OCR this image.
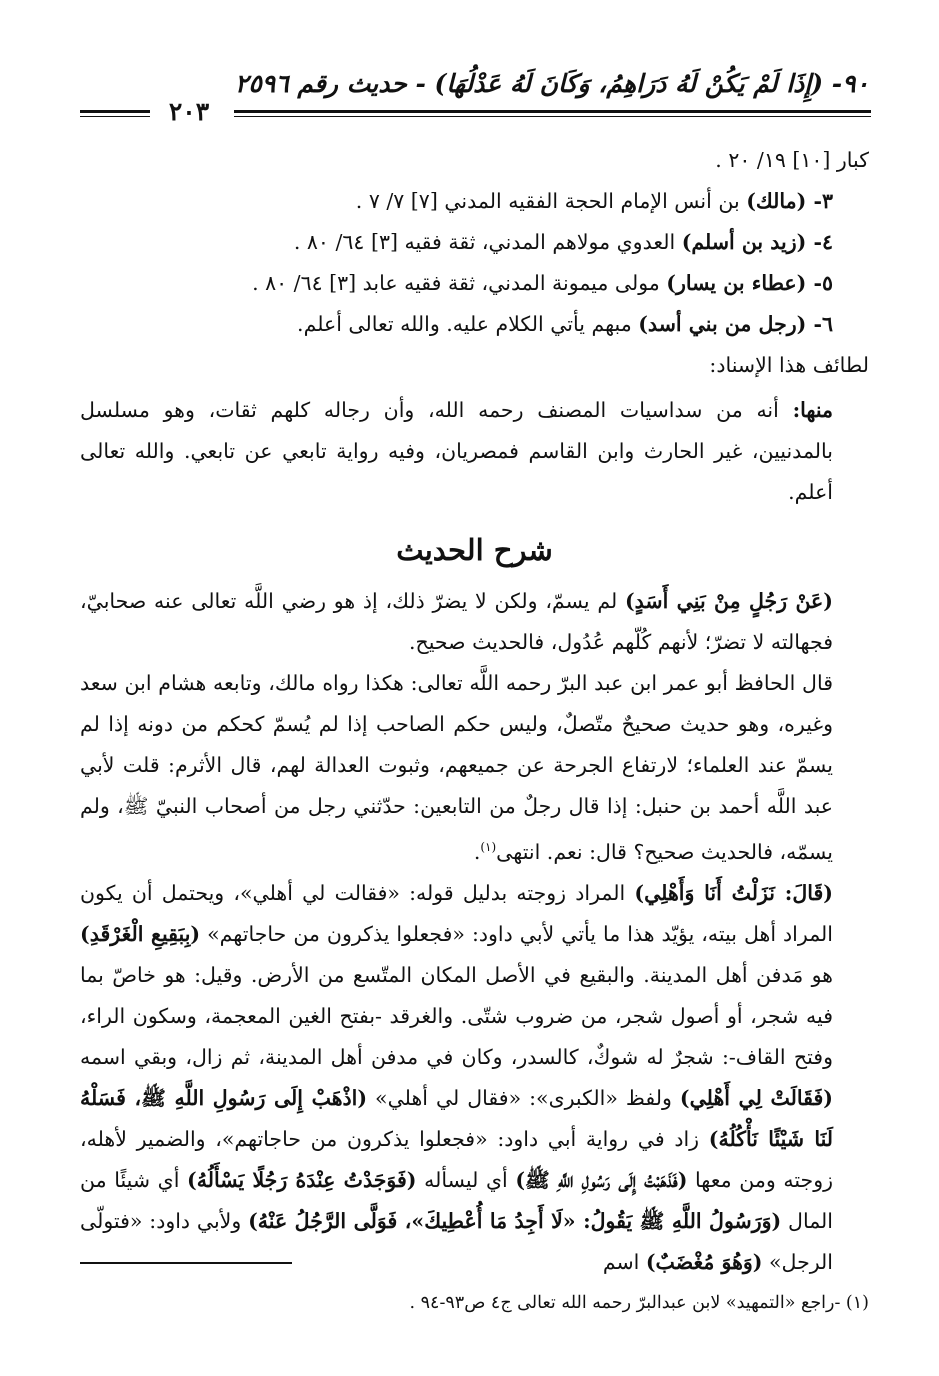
٩٠- (إِذَا لَمْ يَكُنْ لَهُ دَرَاهِمُ، وَكَانَ لَهُ عَدْلُهَا) - حديث رقم ٢٥٩٦
٢٠٣

كبار [١٠] ١٩/ ٢٠ .

٣- (مالك) بن أنس الإمام الحجة الفقيه المدني [٧] ٧/ ٧ .

٤- (زيد بن أسلم) العدوي مولاهم المدني، ثقة فقيه [٣] ٦٤/ ٨٠ .

٥- (عطاء بن يسار) مولى ميمونة المدني، ثقة فقيه عابد [٣] ٦٤/ ٨٠ .

٦- (رجل من بني أسد) مبهم يأتي الكلام عليه. والله تعالى أعلم.

لطائف هذا الإسناد:

منها: أنه من سداسيات المصنف رحمه الله، وأن رجاله كلهم ثقات، وهو مسلسل بالمدنيين، غير الحارث وابن القاسم فمصريان، وفيه رواية تابعي عن تابعي. والله تعالى أعلم.

شرح الحديث

(عَنْ رَجُلٍ مِنْ بَنِي أَسَدٍ) لم يسمّ، ولكن لا يضرّ ذلك، إذ هو رضي اللَّه تعالى عنه صحابيّ، فجهالته لا تضرّ؛ لأنهم كُلّهم عُدُول، فالحديث صحيح.

قال الحافظ أبو عمر ابن عبد البرّ رحمه اللَّه تعالى: هكذا رواه مالك، وتابعه هشام ابن سعد وغيره، وهو حديث صحيحٌ متّصلٌ، وليس حكم الصاحب إذا لم يُسمّ كحكم من دونه إذا لم يسمّ عند العلماء؛ لارتفاع الجرحة عن جميعهم، وثبوت العدالة لهم، قال الأثرم: قلت لأبي عبد اللَّه أحمد بن حنبل: إذا قال رجلٌ من التابعين: حدّثني رجل من أصحاب النبيّ ﷺ، ولم يسمّه، فالحديث صحيح؟ قال: نعم. انتهى$^{(١)}$.

(قَالَ: نَزَلْتُ أَنَا وَأَهْلِي) المراد زوجته بدليل قوله: «فقالت لي أهلي»، ويحتمل أن يكون المراد أهل بيته، يؤيّد هذا ما يأتي لأبي داود: «فجعلوا يذكرون من حاجاتهم» (بِبَقِيعِ الْغَرْقَدِ) هو مَدفن أهل المدينة. والبقيع في الأصل المكان المتّسع من الأرض. وقيل: هو خاصّ بما فيه شجر، أو أصول شجر، من ضروب شتّى. والغرقد -بفتح الغين المعجمة، وسكون الراء، وفتح القاف-: شجرٌ له شوكٌ، كالسدر، وكان في مدفن أهل المدينة، ثم زال، وبقي اسمه (فَقَالَتْ لِي أَهْلِي) ولفظ «الكبرى»: «فقال لي أهلي» (اذْهَبْ إِلَى رَسُولِ اللَّهِ ﷺ، فَسَلْهُ لَنَا شَيْئًا نَأْكُلُهُ) زاد في رواية أبي داود: «فجعلوا يذكرون من حاجاتهم»، والضمير لأهله، زوجته ومن معها (فَذَهَبْتُ إِلَى رَسُولِ اللَّهِ ﷺ) أي ليسأله (فَوَجَدْتُ عِنْدَهُ رَجُلًا يَسْأَلُهُ) أي شيئًا من المال (وَرَسُولُ اللَّهِ ﷺ يَقُولُ: «لَا أَجِدُ مَا أُعْطِيكَ»، فَوَلَّى الرَّجُلُ عَنْهُ) ولأبي داود: «فتولّى الرجل» (وَهُوَ مُغْضَبٌ) اسم

(١) -راجع «التمهيد» لابن عبدالبرّ رحمه الله تعالى ج٤ ص٩٣-٩٤ .
